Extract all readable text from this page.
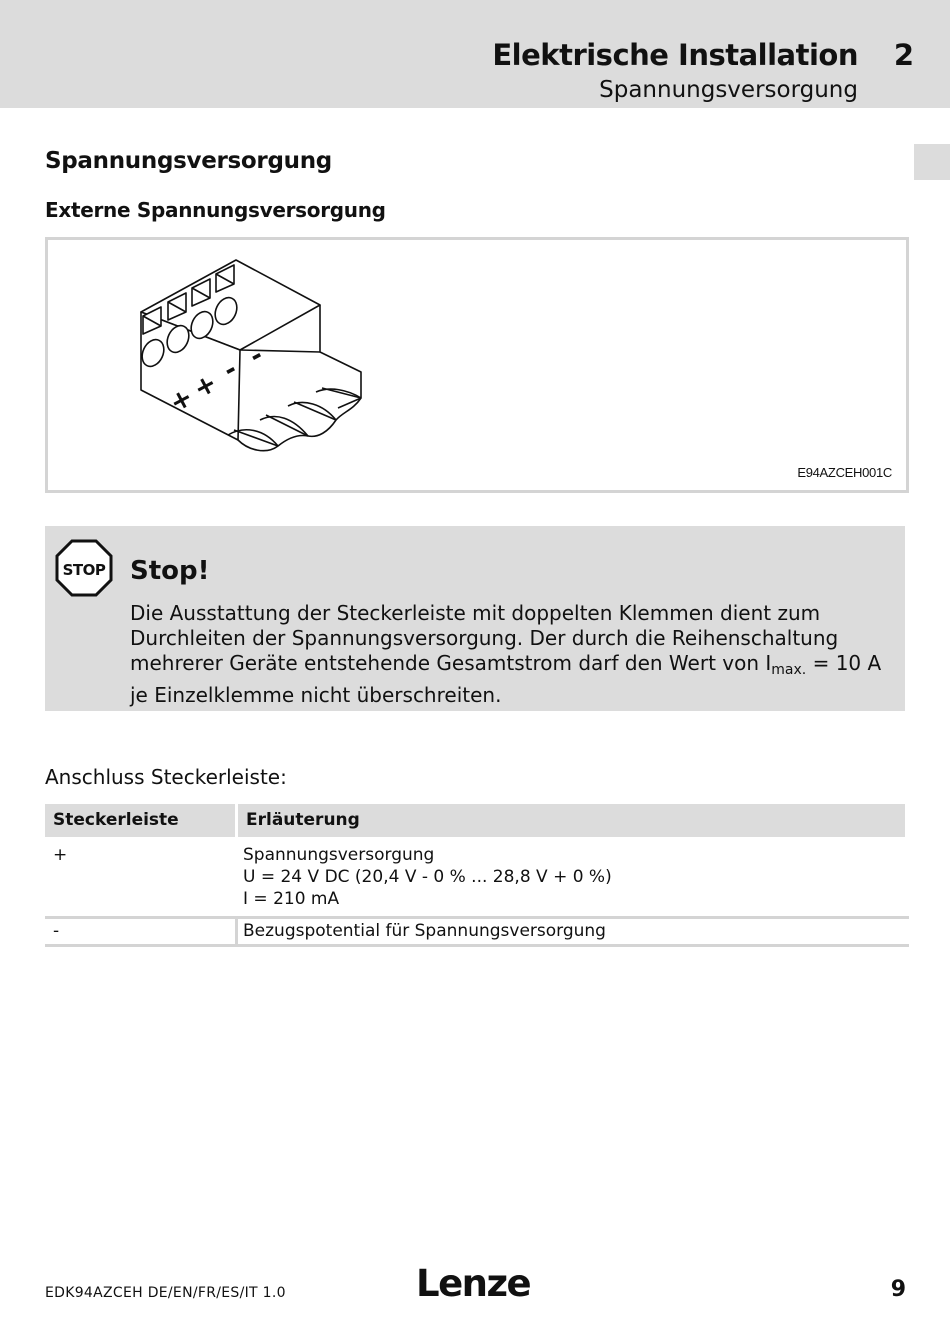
Elektrische Installation 2
Spannungsversorgung
Spannungsversorgung
Externe Spannungsversorgung
+
+
- -
E94AZCEH001C
STOP Stop!
Die Ausstattung der Steckerleiste mit doppelten Klemmen dient zum Durchleiten der Spannungsversorgung. Der durch die Reihenschaltung mehrerer Geräte entstehende Gesamtstrom darf den Wert von $I_{max.} = 10$ A je Einzelklemme nicht überschreiten.
Anschluss Steckerleiste:
Steckerleiste	Erläuterung
+	Spannungsversorgung
U = 24 V DC (20,4 V - 0 % ... 28,8 V + 0 %)
I = 210 mA
-	Bezugspotential für Spannungsversorgung
EDK94AZCEH DE/EN/FR/ES/IT 1.0	Lenze	9
